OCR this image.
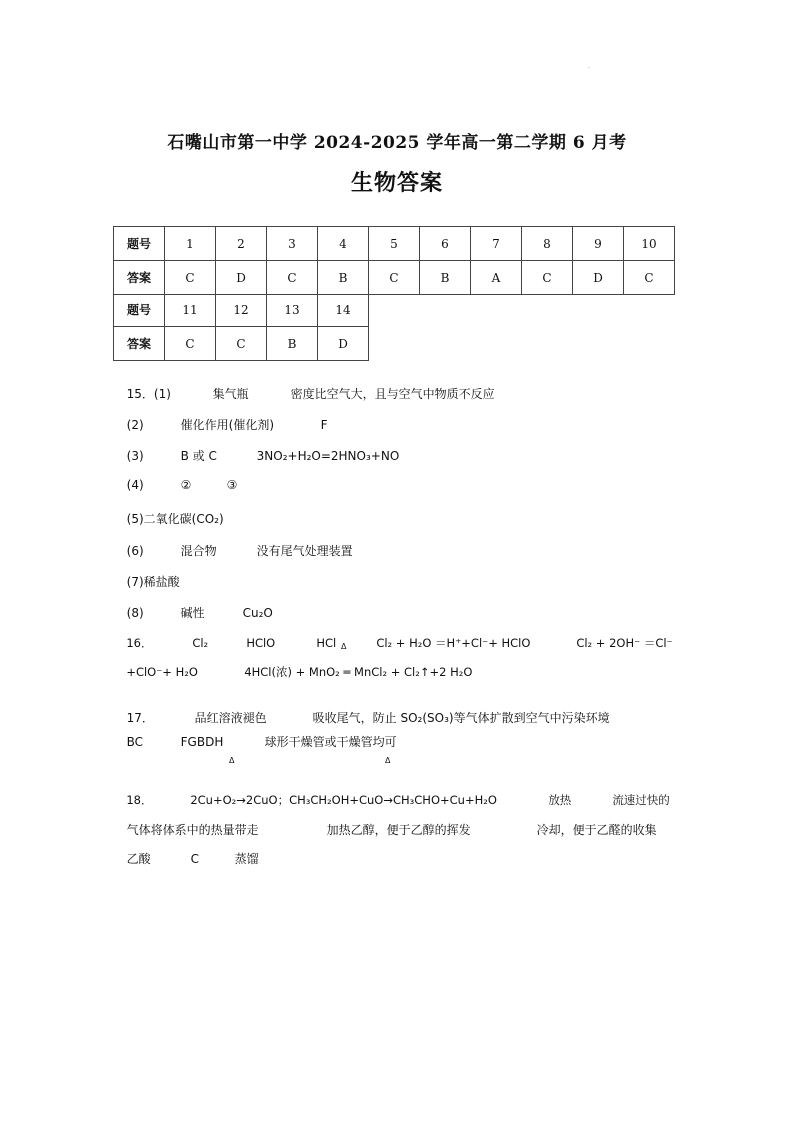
.
石嘴山市第一中学 2024-2025 学年高一第二学期 6 月考
生物答案
题号	1	2	3	4	5	6	7	8	9	10
答案	C	D	C	B	C	B	A	C	D	C
题号	11	12	13	14
答案	C	C	B	D

15．(1)	集气瓶	密度比空气大，且与空气中物质不反应

(2)	催化作用(催化剂)	F

(3)	B 或 C	3NO₂+H₂O=2HNO₃+NO

(4)	②	③

(5)二氧化碳(CO₂)

(6)	混合物	没有尾气处理装置

(7)稀盐酸

(8)	碱性	Cu₂O

16．	Cl₂	HClO	HCl	Cl₂ + H₂O ＝H⁺+Cl⁻+ HClO	Cl₂ + 2OH⁻ ＝Cl⁻

Δ

+ClO⁻+ H₂O	4HCl(浓) + MnO₂ ═ MnCl₂ + Cl₂↑+2 H₂O

17．	品红溶液褪色	吸收尾气，防止 SO₂(SO₃)等气体扩散到空气中污染环境

BC	FGBDH	球形干燥管或干燥管均可

Δ	Δ

18．	2Cu+O₂→2CuO；CH₃CH₂OH+CuO→CH₃CHO+Cu+H₂O	放热	流速过快的

气体将体系中的热量带走	加热乙醇，便于乙醇的挥发	冷却，便于乙醛的收集

乙酸	C	蒸馏
